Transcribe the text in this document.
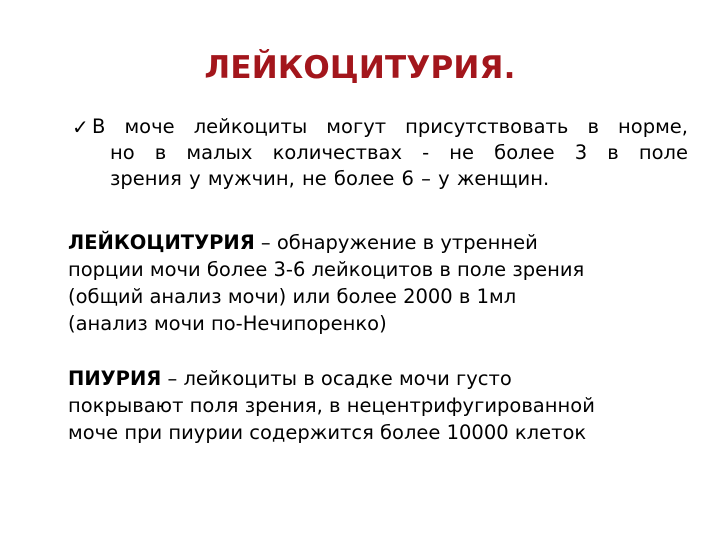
ЛЕЙКОЦИТУРИЯ.
✓ В моче лейкоциты могут присутствовать в норме,
но в малых количествах - не более 3 в поле
зрения у мужчин, не более 6 – у женщин.
ЛЕЙКОЦИТУРИЯ – обнаружение в утренней
порции мочи более 3-6 лейкоцитов в поле зрения
(общий анализ мочи) или более 2000 в 1мл
(анализ мочи по-Нечипоренко)
ПИУРИЯ – лейкоциты в осадке мочи густо
покрывают поля зрения, в нецентрифугированной
моче при пиурии содержится более 10000 клеток
